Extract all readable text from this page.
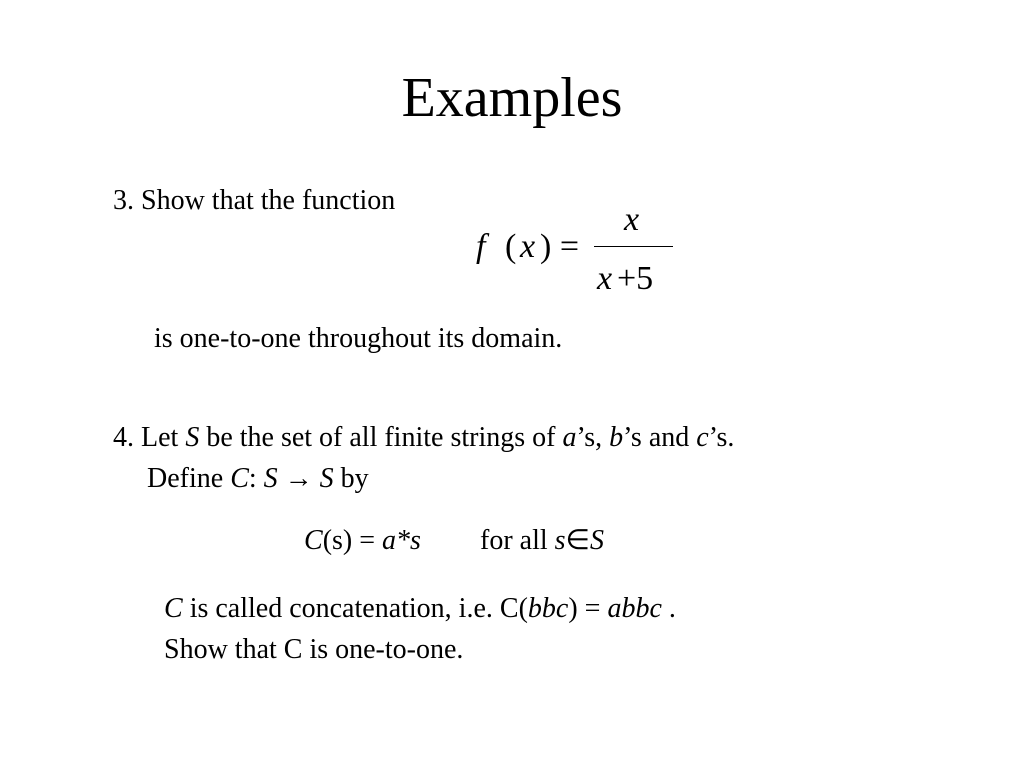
Examples
3. Show that the function
f ( x ) =
x
x +5
is one-to-one throughout its domain.
4. Let S be the set of all finite strings of a’s, b’s and c’s.
Define C: S → S by
C(s) = a*s for all s∈S
C is called concatenation, i.e. C(bbc) = abbc .
Show that C is one-to-one.
